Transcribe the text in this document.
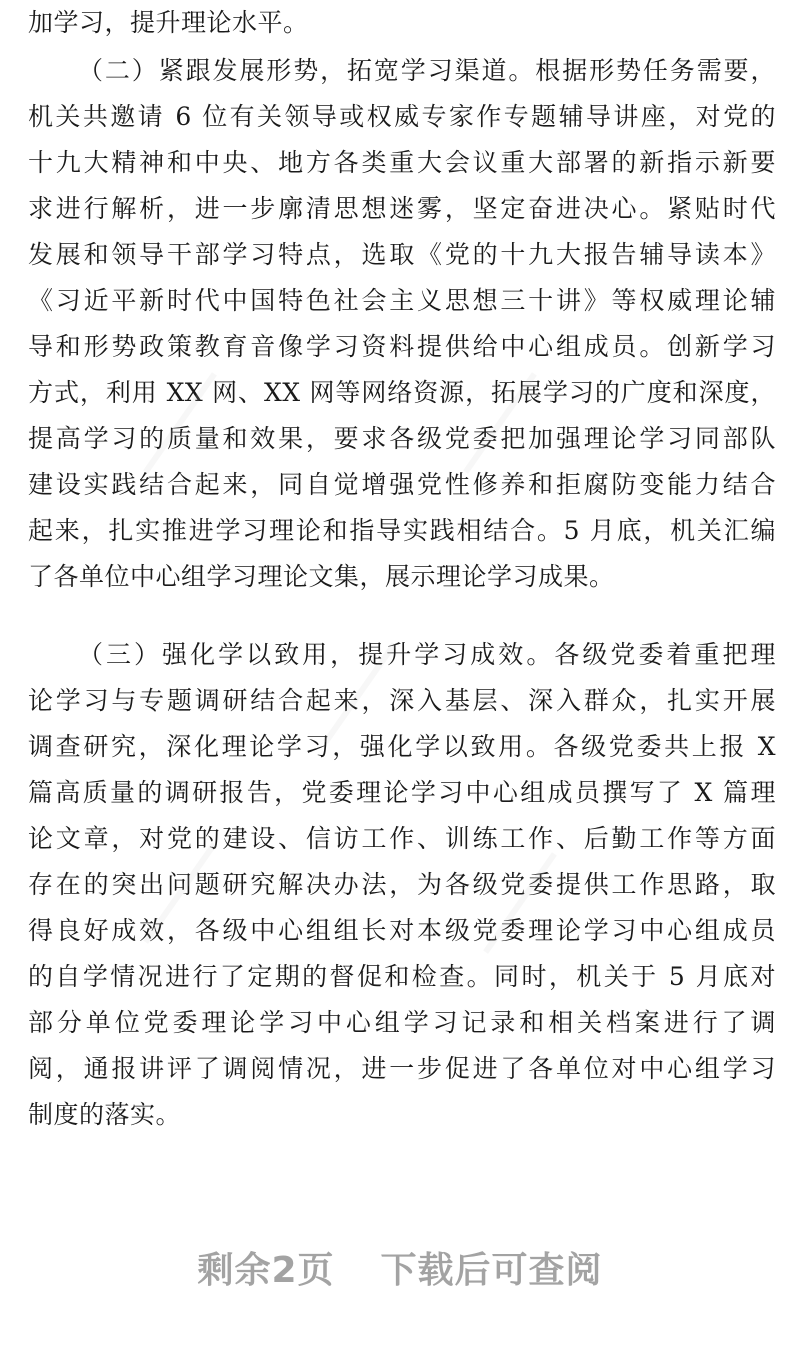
加学习，提升理论水平。
（二）紧跟发展形势，拓宽学习渠道。根据形势任务需要，
机关共邀请 6 位有关领导或权威专家作专题辅导讲座，对党的
十九大精神和中央、地方各类重大会议重大部署的新指示新要
求进行解析，进一步廓清思想迷雾，坚定奋进决心。紧贴时代
发展和领导干部学习特点，选取《党的十九大报告辅导读本》
《习近平新时代中国特色社会主义思想三十讲》等权威理论辅
导和形势政策教育音像学习资料提供给中心组成员。创新学习
方式，利用 XX 网、XX 网等网络资源，拓展学习的广度和深度，
提高学习的质量和效果，要求各级党委把加强理论学习同部队
建设实践结合起来，同自觉增强党性修养和拒腐防变能力结合
起来，扎实推进学习理论和指导实践相结合。5 月底，机关汇编
了各单位中心组学习理论文集，展示理论学习成果。
（三）强化学以致用，提升学习成效。各级党委着重把理
论学习与专题调研结合起来，深入基层、深入群众，扎实开展
调查研究，深化理论学习，强化学以致用。各级党委共上报 X
篇高质量的调研报告，党委理论学习中心组成员撰写了 X 篇理
论文章，对党的建设、信访工作、训练工作、后勤工作等方面
存在的突出问题研究解决办法，为各级党委提供工作思路，取
得良好成效，各级中心组组长对本级党委理论学习中心组成员
的自学情况进行了定期的督促和检查。同时，机关于 5 月底对
部分单位党委理论学习中心组学习记录和相关档案进行了调
阅，通报讲评了调阅情况，进一步促进了各单位对中心组学习
制度的落实。
剩余2页 下载后可查阅
